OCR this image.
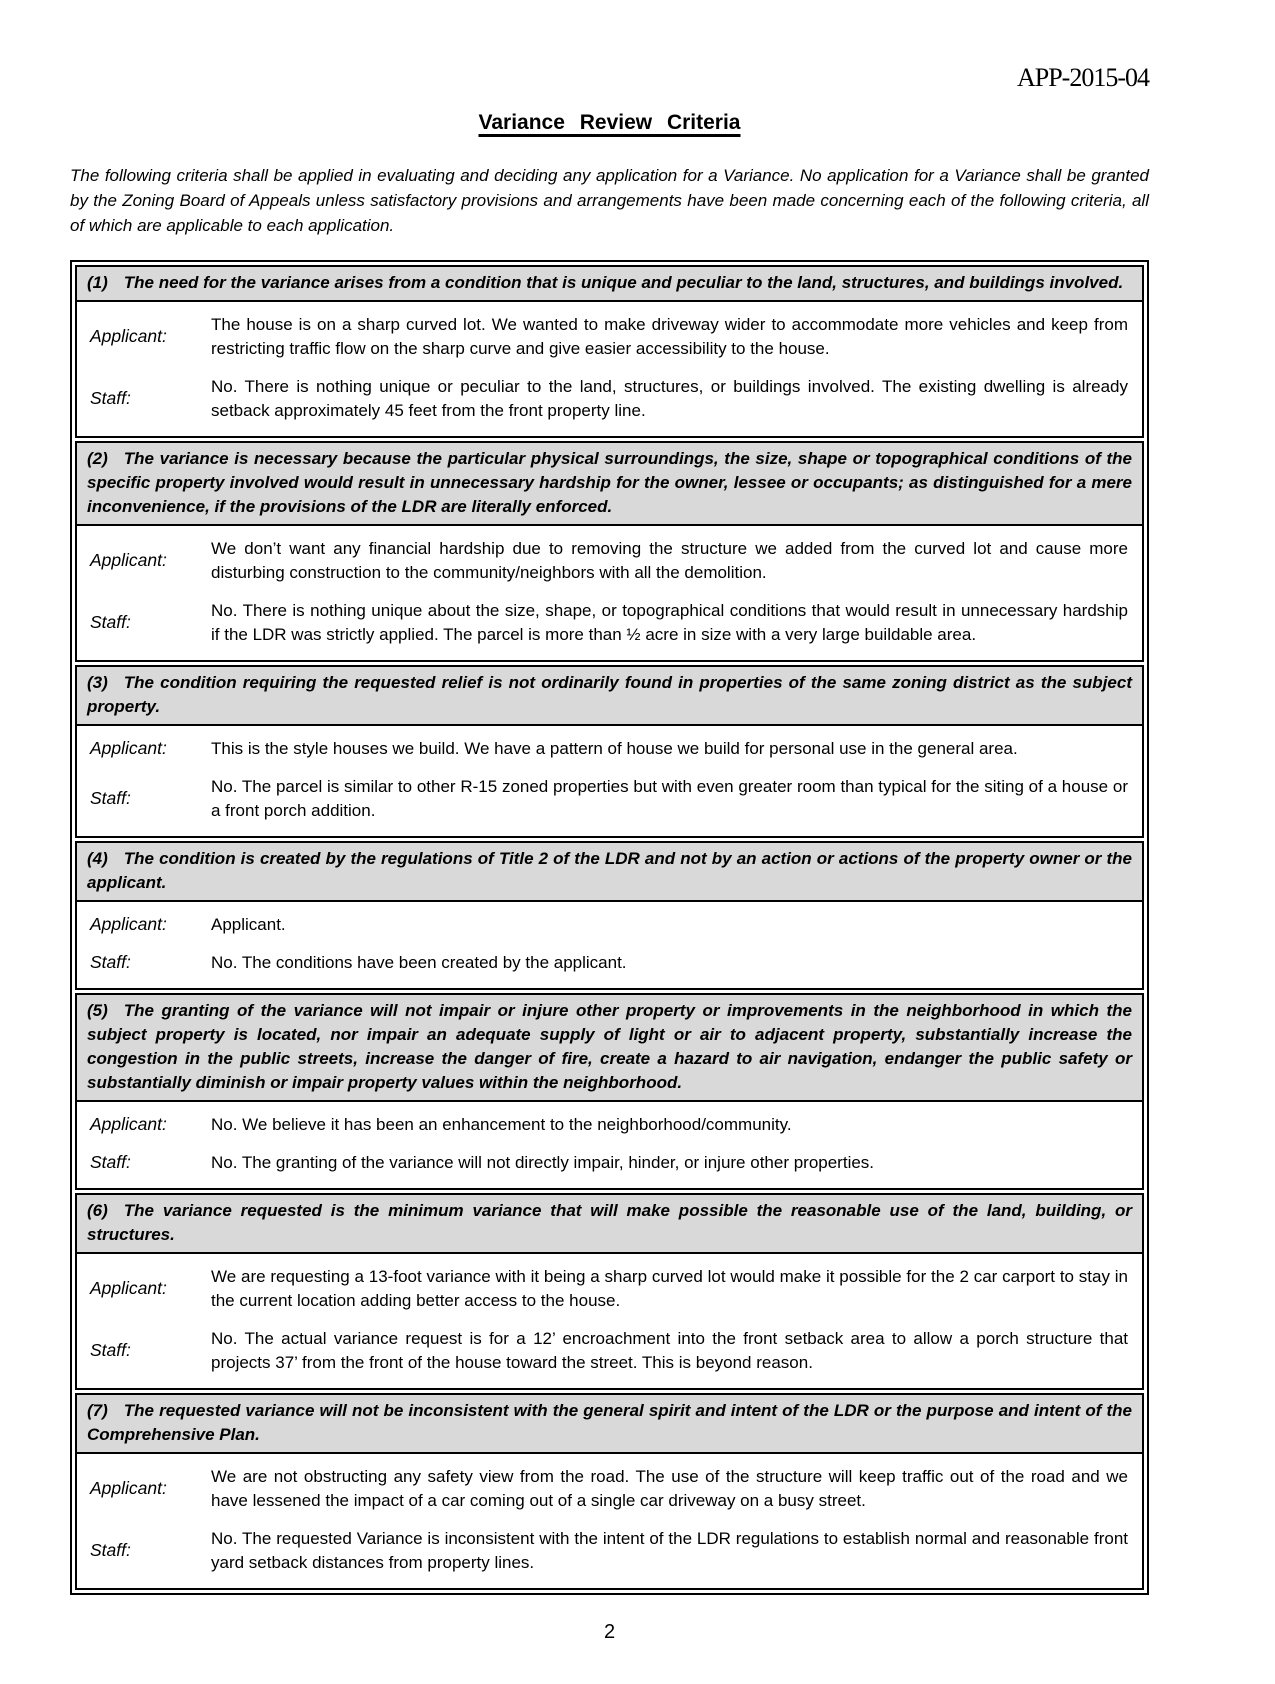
APP-2015-04
Variance Review Criteria

The following criteria shall be applied in evaluating and deciding any application for a Variance. No application for a Variance shall be granted by the Zoning Board of Appeals unless satisfactory provisions and arrangements have been made concerning each of the following criteria, all of which are applicable to each application.

(1) The need for the variance arises from a condition that is unique and peculiar to the land, structures, and buildings involved.
Applicant:
The house is on a sharp curved lot. We wanted to make driveway wider to accommodate more vehicles and keep from restricting traffic flow on the sharp curve and give easier accessibility to the house.
Staff:
No. There is nothing unique or peculiar to the land, structures, or buildings involved. The existing dwelling is already setback approximately 45 feet from the front property line.
(2) The variance is necessary because the particular physical surroundings, the size, shape or topographical conditions of the specific property involved would result in unnecessary hardship for the owner, lessee or occupants; as distinguished for a mere inconvenience, if the provisions of the LDR are literally enforced.
Applicant:
We don’t want any financial hardship due to removing the structure we added from the curved lot and cause more disturbing construction to the community/neighbors with all the demolition.
Staff:
No. There is nothing unique about the size, shape, or topographical conditions that would result in unnecessary hardship if the LDR was strictly applied. The parcel is more than ½ acre in size with a very large buildable area.
(3) The condition requiring the requested relief is not ordinarily found in properties of the same zoning district as the subject property.
Applicant:	This is the style houses we build. We have a pattern of house we build for personal use in the general area.
Staff:
No. The parcel is similar to other R-15 zoned properties but with even greater room than typical for the siting of a house or a front porch addition.
(4) The condition is created by the regulations of Title 2 of the LDR and not by an action or actions of the property owner or the applicant.
Applicant:	Applicant.
Staff:	No. The conditions have been created by the applicant.
(5) The granting of the variance will not impair or injure other property or improvements in the neighborhood in which the subject property is located, nor impair an adequate supply of light or air to adjacent property, substantially increase the congestion in the public streets, increase the danger of fire, create a hazard to air navigation, endanger the public safety or substantially diminish or impair property values within the neighborhood.
Applicant:	No. We believe it has been an enhancement to the neighborhood/community.
Staff:	No. The granting of the variance will not directly impair, hinder, or injure other properties.
(6) The variance requested is the minimum variance that will make possible the reasonable use of the land, building, or structures.
Applicant:
We are requesting a 13-foot variance with it being a sharp curved lot would make it possible for the 2 car carport to stay in the current location adding better access to the house.
Staff:
No. The actual variance request is for a 12’ encroachment into the front setback area to allow a porch structure that projects 37’ from the front of the house toward the street. This is beyond reason.
(7) The requested variance will not be inconsistent with the general spirit and intent of the LDR or the purpose and intent of the Comprehensive Plan.
Applicant:
We are not obstructing any safety view from the road. The use of the structure will keep traffic out of the road and we have lessened the impact of a car coming out of a single car driveway on a busy street.
Staff:
No. The requested Variance is inconsistent with the intent of the LDR regulations to establish normal and reasonable front yard setback distances from property lines.
2
